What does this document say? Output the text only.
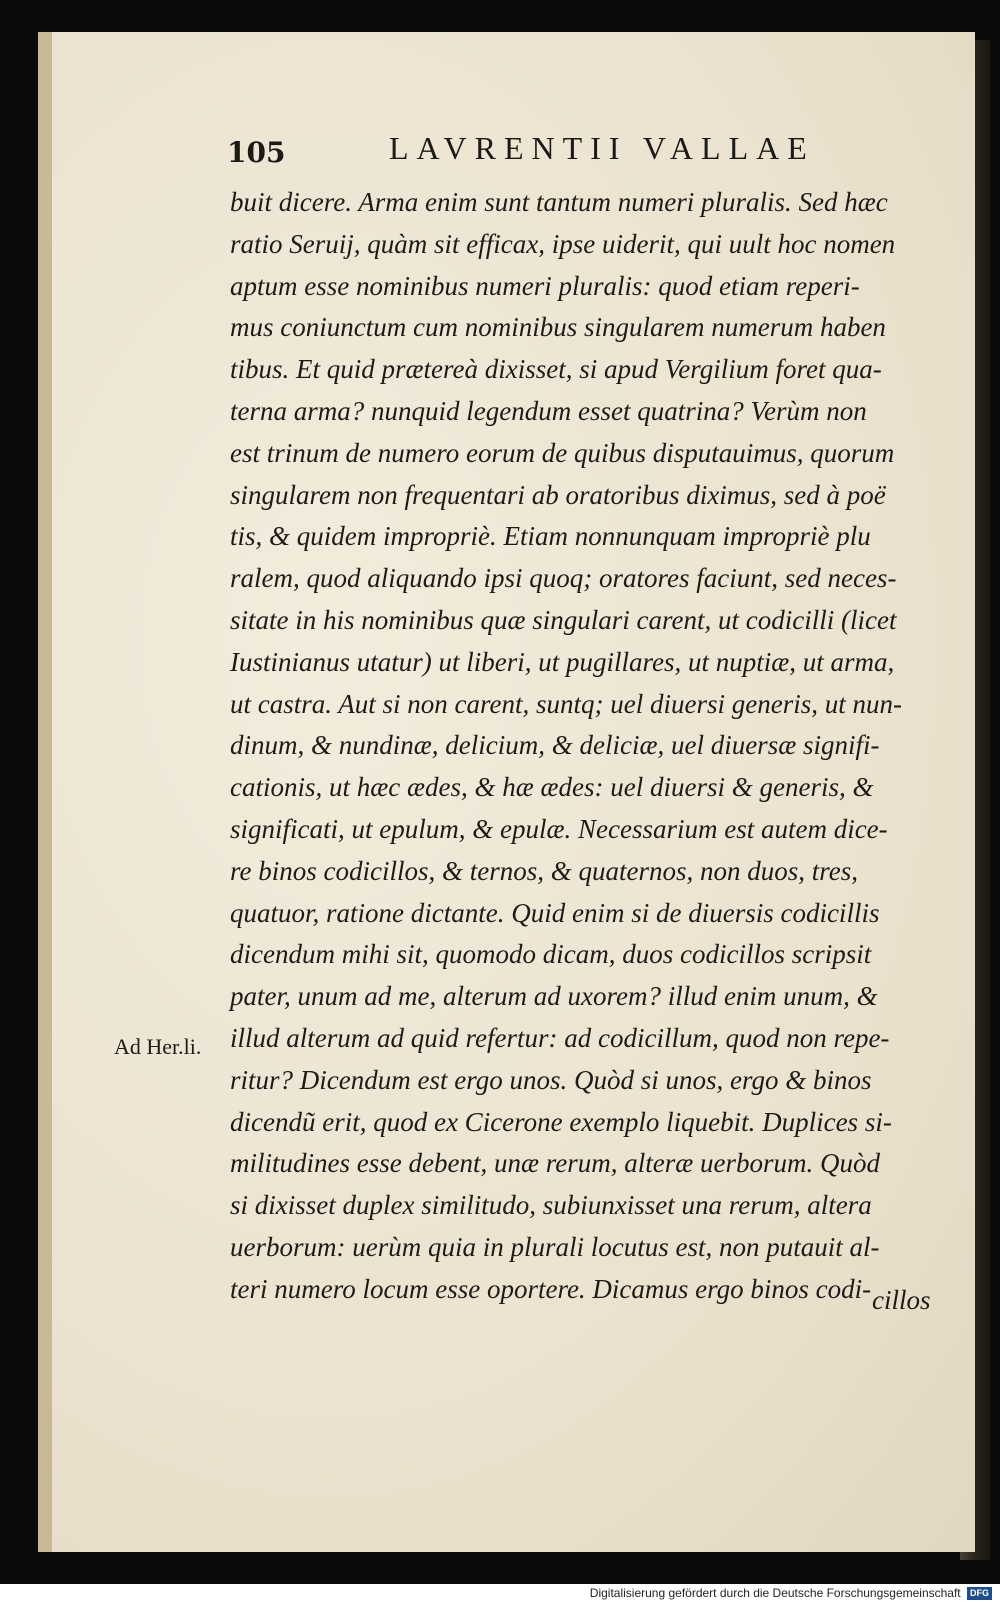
105	LAVRENTII VALLAE
buit dicere. Arma enim sunt tantum numeri pluralis. Sed hæc
ratio Seruij, quàm sit efficax, ipse uiderit, qui uult hoc nomen
aptum esse nominibus numeri pluralis: quod etiam reperi-
mus coniunctum cum nominibus singularem numerum haben
tibus. Et quid prætereà dixisset, si apud Vergilium foret qua-
terna arma? nunquid legendum esset quatrina? Verùm non
est trinum de numero eorum de quibus disputauimus, quorum
singularem non frequentari ab oratoribus diximus, sed à poë
tis, & quidem impropriè. Etiam nonnunquam impropriè plu
ralem, quod aliquando ipsi quoq; oratores faciunt, sed neces-
sitate in his nominibus quæ singulari carent, ut codicilli (licet
Iustinianus utatur) ut liberi, ut pugillares, ut nuptiæ, ut arma,
ut castra. Aut si non carent, suntq; uel diuersi generis, ut nun-
dinum, & nundinæ, delicium, & deliciæ, uel diuersæ signifi-
cationis, ut hæc ædes, & hæ ædes: uel diuersi & generis, &
significati, ut epulum, & epulæ. Necessarium est autem dice-
re binos codicillos, & ternos, & quaternos, non duos, tres,
quatuor, ratione dictante. Quid enim si de diuersis codicillis
dicendum mihi sit, quomodo dicam, duos codicillos scripsit
pater, unum ad me, alterum ad uxorem? illud enim unum, &
illud alterum ad quid refertur: ad codicillum, quod non repe-
ritur? Dicendum est ergo unos. Quòd si unos, ergo & binos
dicendũ erit, quod ex Cicerone exemplo liquebit. Duplices si-
militudines esse debent, unæ rerum, alteræ uerborum. Quòd
si dixisset duplex similitudo, subiunxisset una rerum, altera
uerborum: uerùm quia in plurali locutus est, non putauit al-
teri numero locum esse oportere. Dicamus ergo binos codi-
Ad Her.li.
cillos
Digitalisierung gefördert durch die Deutsche Forschungsgemeinschaft DFG
